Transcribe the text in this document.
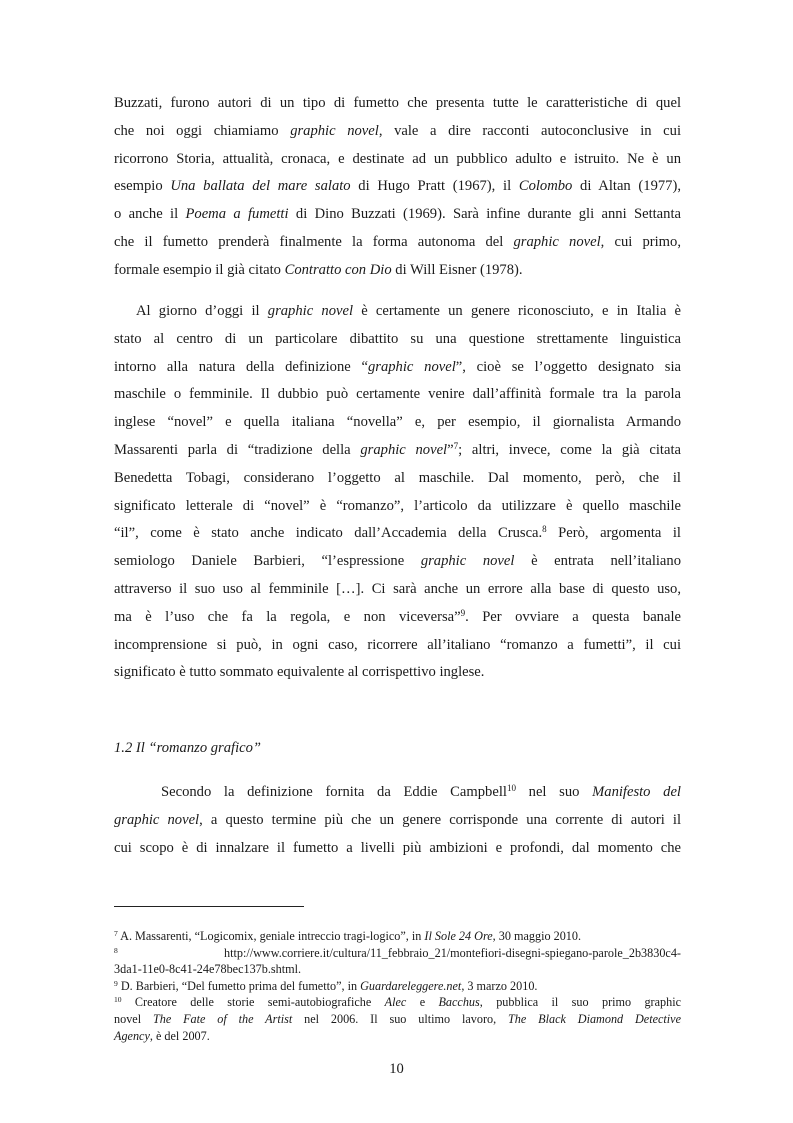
Buzzati, furono autori di un tipo di fumetto che presenta tutte le caratteristiche di quel
che noi oggi chiamiamo graphic novel, vale a dire racconti autoconclusive in cui
ricorrono Storia, attualità, cronaca, e destinate ad un pubblico adulto e istruito. Ne è un
esempio Una ballata del mare salato di Hugo Pratt (1967), il Colombo di Altan (1977),
o anche il Poema a fumetti di Dino Buzzati (1969). Sarà infine durante gli anni Settanta
che il fumetto prenderà finalmente la forma autonoma del graphic novel, cui primo,
formale esempio il già citato Contratto con Dio di Will Eisner (1978).
Al giorno d’oggi il graphic novel è certamente un genere riconosciuto, e in Italia è
stato al centro di un particolare dibattito su una questione strettamente linguistica
intorno alla natura della definizione “graphic novel”, cioè se l’oggetto designato sia
maschile o femminile. Il dubbio può certamente venire dall’affinità formale tra la parola
inglese “novel” e quella italiana “novella” e, per esempio, il giornalista Armando
Massarenti parla di “tradizione della graphic novel”$^7$; altri, invece, come la già citata
Benedetta Tobagi, considerano l’oggetto al maschile. Dal momento, però, che il
significato letterale di “novel” è “romanzo”, l’articolo da utilizzare è quello maschile
“il”, come è stato anche indicato dall’Accademia della Crusca.$^8$ Però, argomenta il
semiologo Daniele Barbieri, “l’espressione graphic novel è entrata nell’italiano
attraverso il suo uso al femminile […]. Ci sarà anche un errore alla base di questo uso,
ma è l’uso che fa la regola, e non viceversa”$^9$. Per ovviare a questa banale
incomprensione si può, in ogni caso, ricorrere all’italiano “romanzo a fumetti”, il cui
significato è tutto sommato equivalente al corrispettivo inglese.
1.2 Il “romanzo grafico”
Secondo la definizione fornita da Eddie Campbell$^{10}$ nel suo Manifesto del
graphic novel, a questo termine più che un genere corrisponde una corrente di autori il
cui scopo è di innalzare il fumetto a livelli più ambizioni e profondi, dal momento che
$^7$ A. Massarenti, “Logicomix, geniale intreccio tragi-logico”, in Il Sole 24 Ore, 30 maggio 2010.
$^8$ http://www.corriere.it/cultura/11_febbraio_21/montefiori-disegni-spiegano-parole_2b3830c4-
3da1-11e0-8c41-24e78bec137b.shtml.
$^9$ D. Barbieri, “Del fumetto prima del fumetto”, in Guardareleggere.net, 3 marzo 2010.
$^{10}$ Creatore delle storie semi-autobiografiche Alec e Bacchus, pubblica il suo primo graphic
novel The Fate of the Artist nel 2006. Il suo ultimo lavoro, The Black Diamond Detective
Agency, è del 2007.
10
